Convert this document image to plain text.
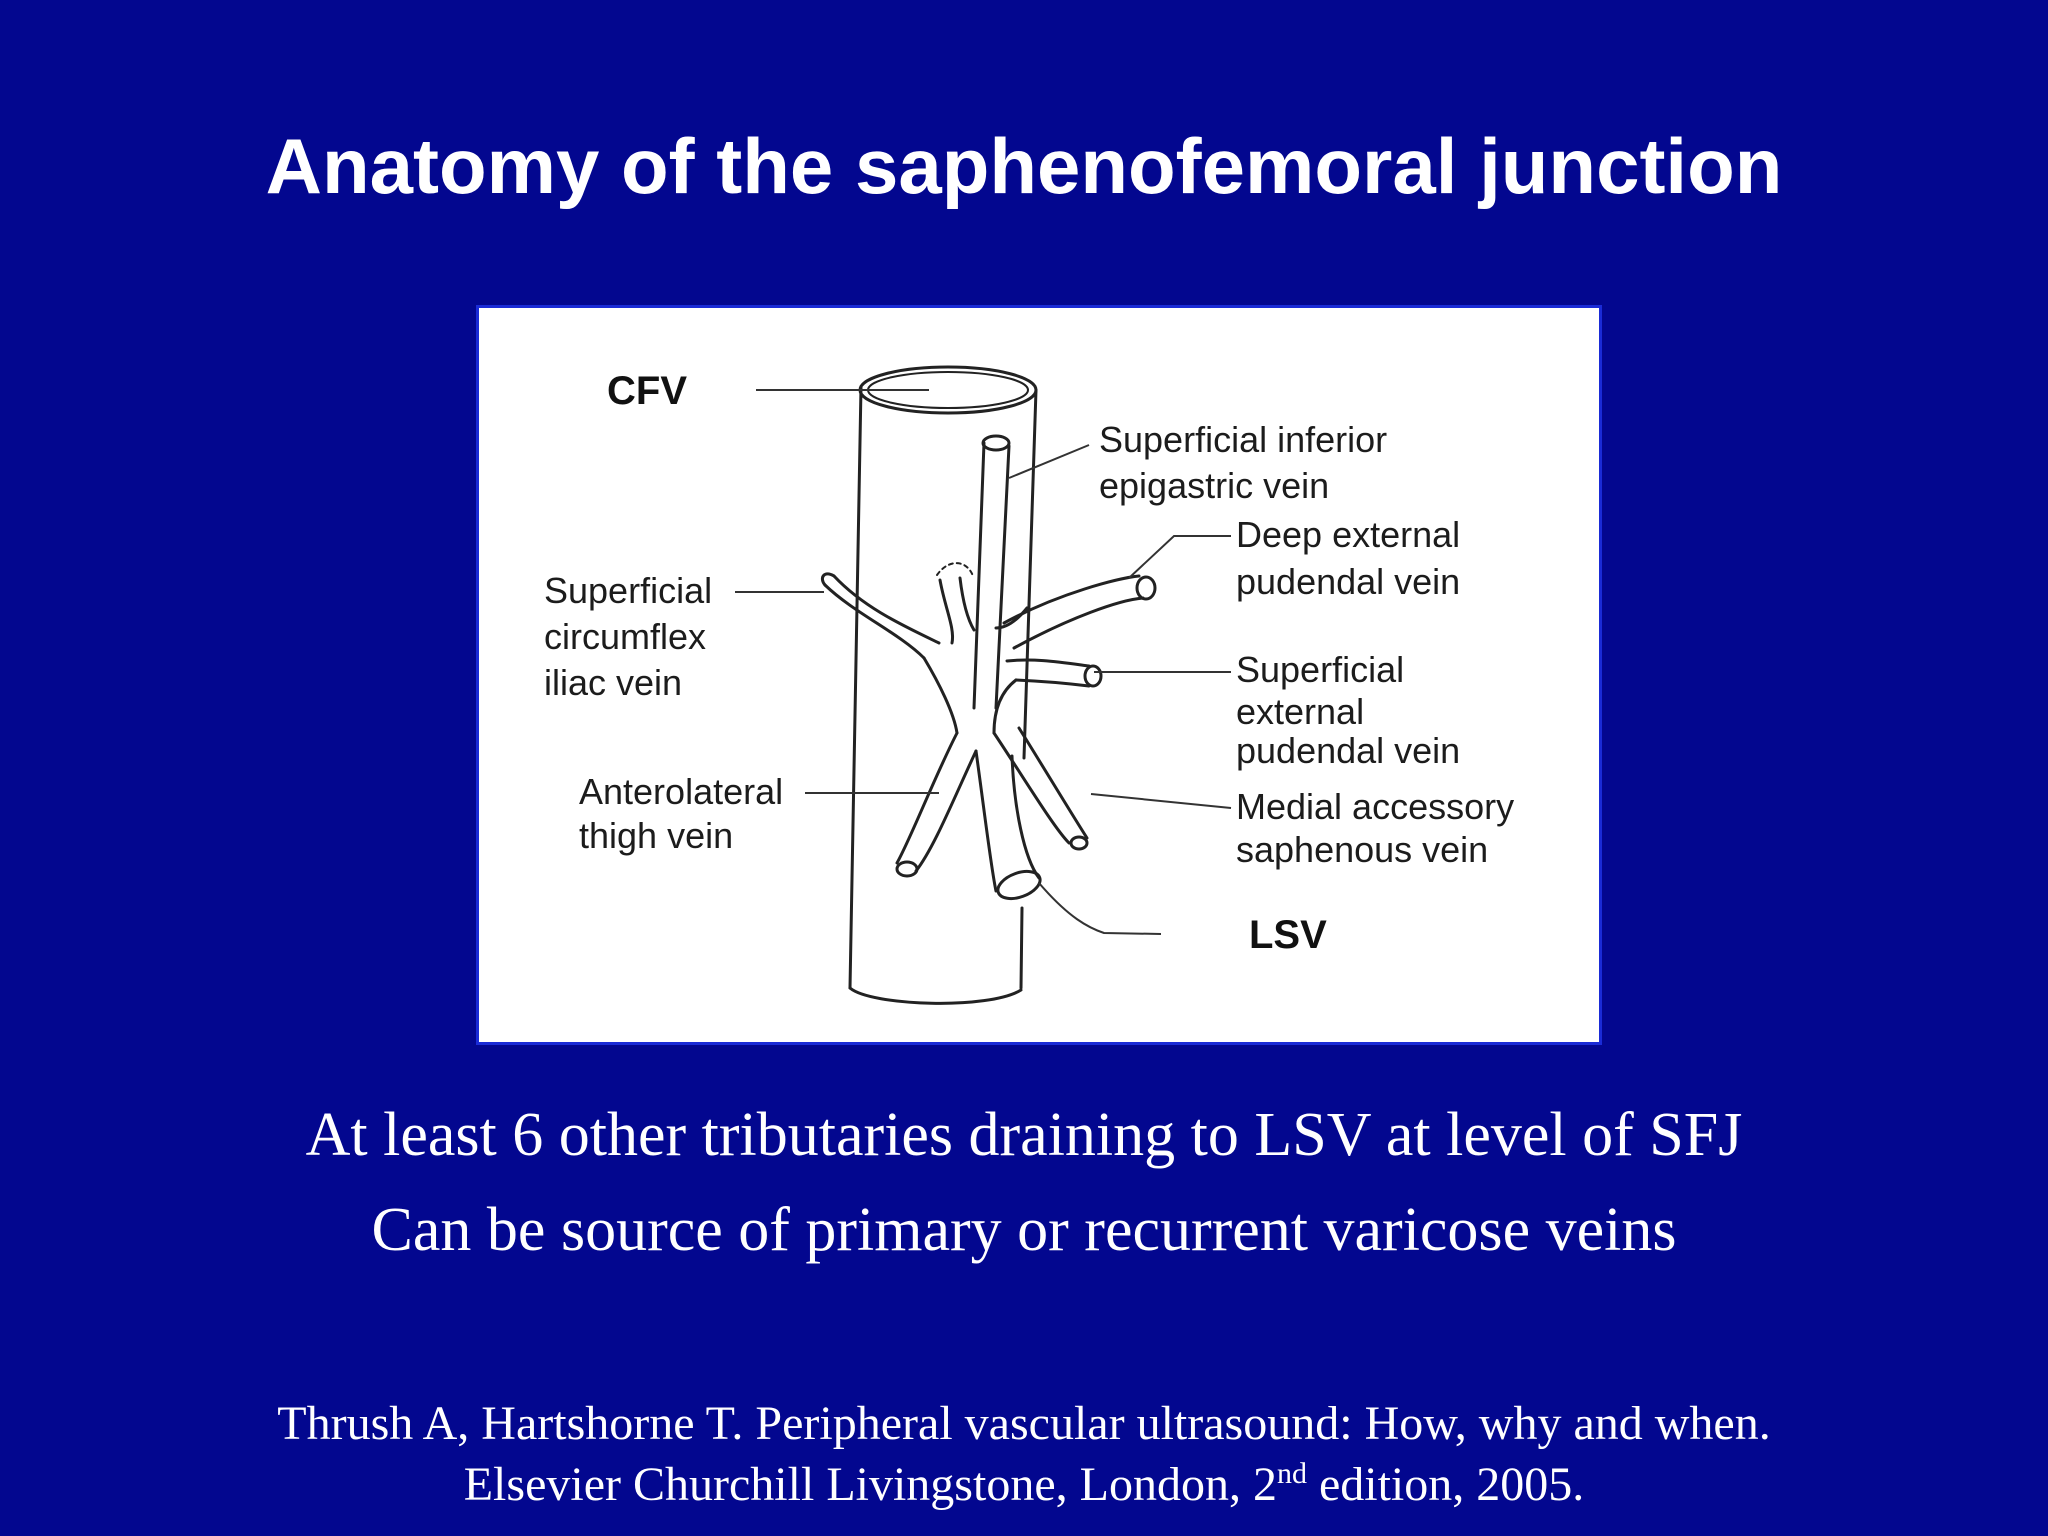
Anatomy of the saphenofemoral junction
CFV
LSV
Superficial inferior
epigastric vein
Deep external
pudendal vein
Superficial
circumflex
iliac vein	Superficial
external
pudendal vein
Anterolateral
thigh vein
Medial accessory
saphenous vein
At least 6 other tributaries draining to LSV at level of SFJ
Can be source of primary or recurrent varicose veins
Thrush A, Hartshorne T. Peripheral vascular ultrasound: How, why and when.
Elsevier Churchill Livingstone, London, 2nd edition, 2005.
